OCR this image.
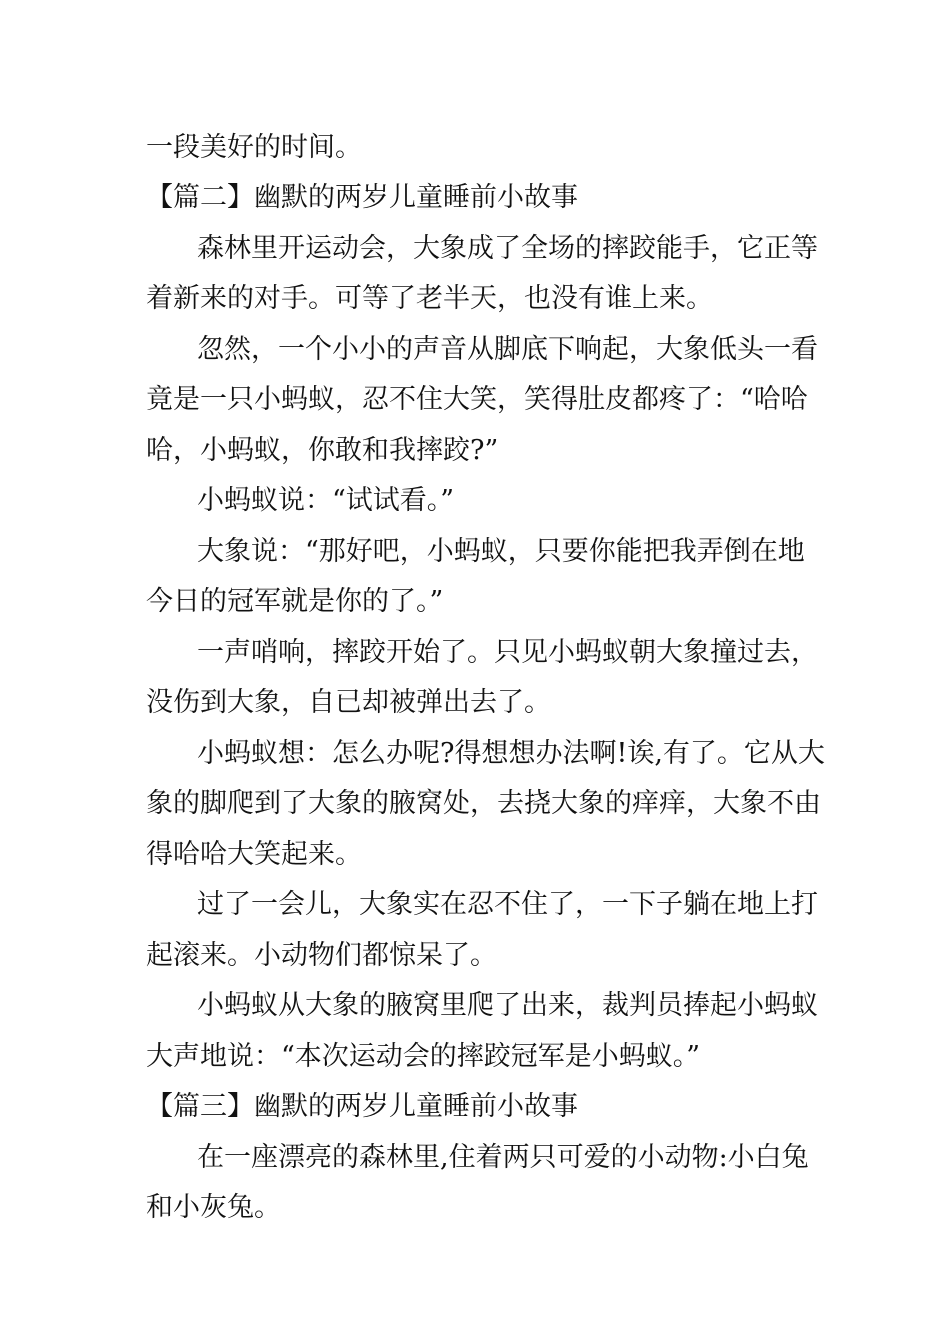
一段美好的时间。
【篇二】幽默的两岁儿童睡前小故事
森林里开运动会，大象成了全场的摔跤能手，它正等
着新来的对手。可等了老半天，也没有谁上来。
忽然，一个小小的声音从脚底下响起，大象低头一看
竟是一只小蚂蚁，忍不住大笑，笑得肚皮都疼了：“哈哈
哈，小蚂蚁，你敢和我摔跤?”
小蚂蚁说：“试试看。”
大象说：“那好吧，小蚂蚁，只要你能把我弄倒在地
今日的冠军就是你的了。”
一声哨响，摔跤开始了。只见小蚂蚁朝大象撞过去，
没伤到大象，自已却被弹出去了。
小蚂蚁想：怎么办呢?得想想办法啊!诶,有了。它从大
象的脚爬到了大象的腋窝处，去挠大象的痒痒，大象不由
得哈哈大笑起来。
过了一会儿，大象实在忍不住了，一下子躺在地上打
起滚来。小动物们都惊呆了。
小蚂蚁从大象的腋窝里爬了出来，裁判员捧起小蚂蚁
大声地说：“本次运动会的摔跤冠军是小蚂蚁。”
【篇三】幽默的两岁儿童睡前小故事
在一座漂亮的森林里,住着两只可爱的小动物:小白兔
和小灰兔。
